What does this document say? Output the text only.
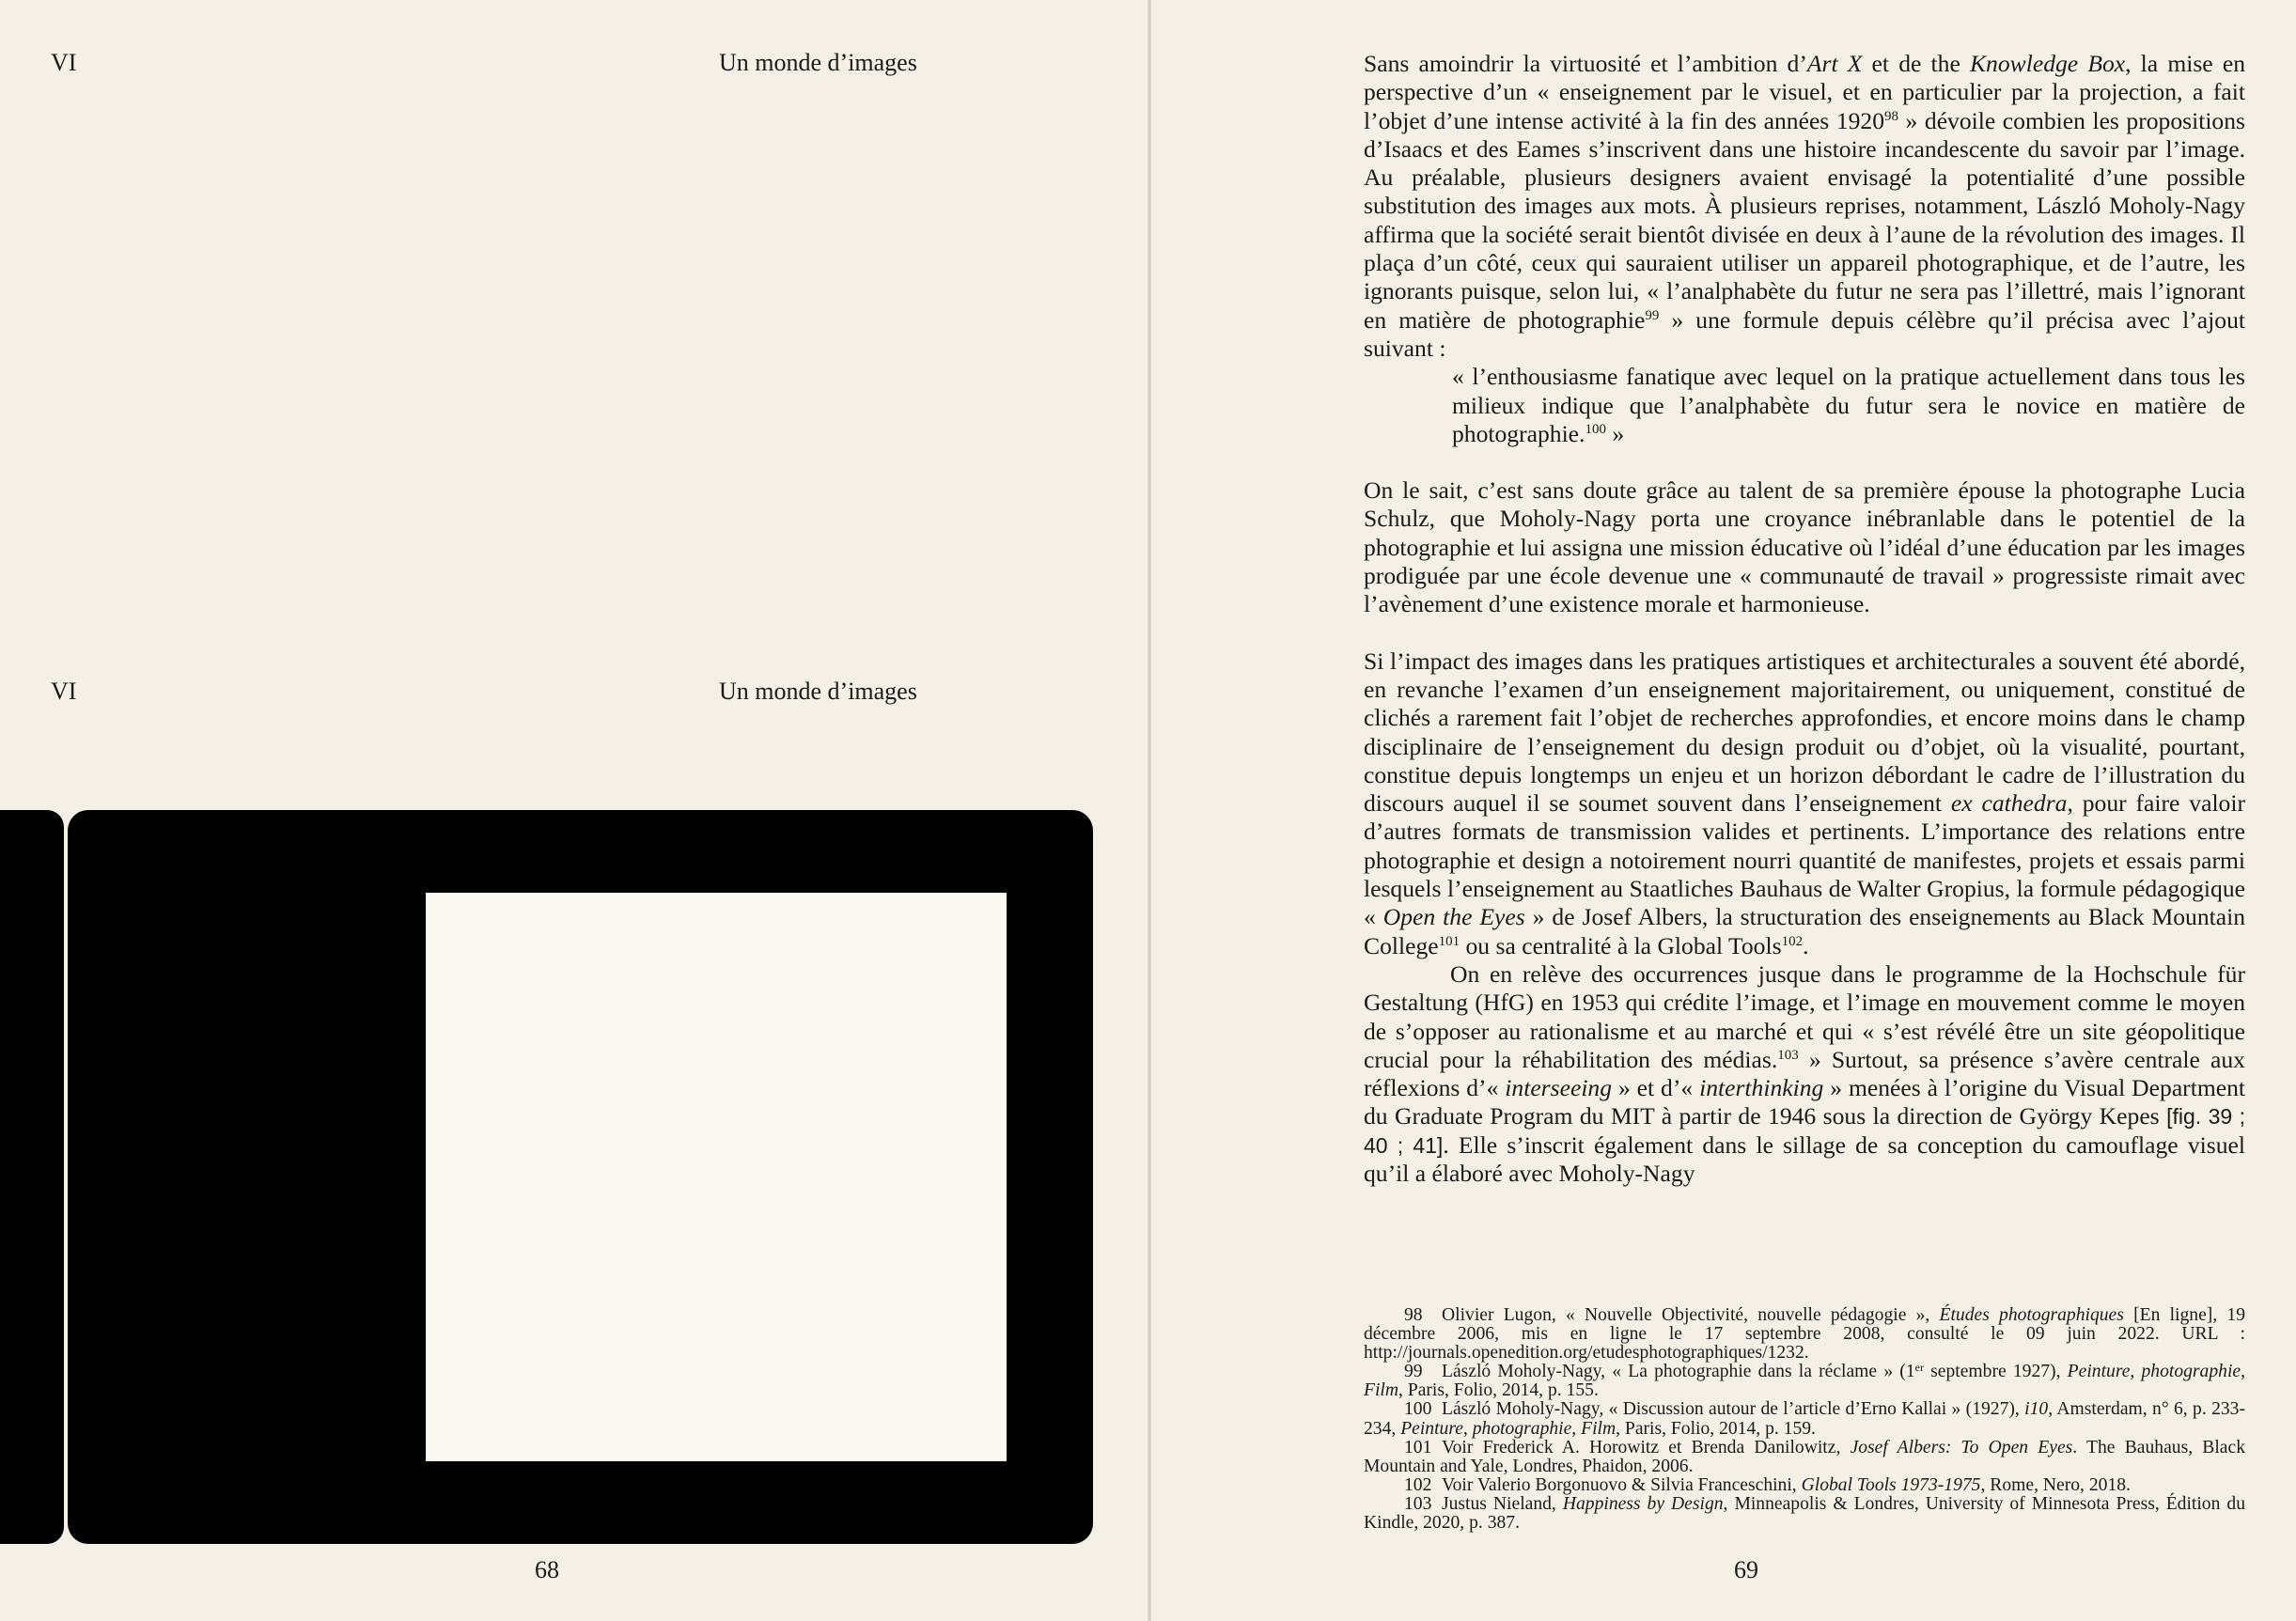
VI	Un monde d’images
VI	Un monde d’images
68	69

Sans amoindrir la virtuosité et l’ambition d’Art X et de the Knowledge Box, la mise en perspective d’un « enseignement par le visuel, et en particulier par la projection, a fait l’objet d’une intense activité à la fin des années 1920$^{98}$ » dévoile combien les propositions d’Isaacs et des Eames s’inscrivent dans une histoire incandescente du savoir par l’image. Au préalable, plusieurs designers avaient envisagé la potentialité d’une possible substitution des images aux mots. À plusieurs reprises, notamment, László Moholy-Nagy affirma que la société serait bientôt divisée en deux à l’aune de la révolution des images. Il plaça d’un côté, ceux qui sauraient utiliser un appareil photographique, et de l’autre, les ignorants puisque, selon lui, « l’analphabète du futur ne sera pas l’illettré, mais l’ignorant en matière de photographie$^{99}$ » une formule depuis célèbre qu’il précisa avec l’ajout suivant :

« l’enthousiasme fanatique avec lequel on la pratique actuellement dans tous les milieux indique que l’analphabète du futur sera le novice en matière de photographie.$^{100}$ »

On le sait, c’est sans doute grâce au talent de sa première épouse la photographe Lucia Schulz, que Moholy-Nagy porta une croyance inébranlable dans le potentiel de la photographie et lui assigna une mission éducative où l’idéal d’une éducation par les images prodiguée par une école devenue une « communauté de travail » progressiste rimait avec l’avènement d’une existence morale et harmonieuse.

Si l’impact des images dans les pratiques artistiques et architecturales a souvent été abordé, en revanche l’examen d’un enseignement majoritairement, ou uniquement, constitué de clichés a rarement fait l’objet de recherches approfondies, et encore moins dans le champ disciplinaire de l’enseignement du design produit ou d’objet, où la visualité, pourtant, constitue depuis longtemps un enjeu et un horizon débordant le cadre de l’illustration du discours auquel il se soumet souvent dans l’enseignement ex cathedra, pour faire valoir d’autres formats de transmission valides et pertinents. L’importance des relations entre photographie et design a notoirement nourri quantité de manifestes, projets et essais parmi lesquels l’enseignement au Staatliches Bauhaus de Walter Gropius, la formule pédagogique « Open the Eyes » de Josef Albers, la structuration des enseignements au Black Mountain College$^{101}$ ou sa centralité à la Global Tools$^{102}$.

On en relève des occurrences jusque dans le programme de la Hochschule für Gestaltung (HfG) en 1953 qui crédite l’image, et l’image en mouvement comme le moyen de s’opposer au rationalisme et au marché et qui « s’est révélé être un site géopolitique crucial pour la réhabilitation des médias.$^{103}$ » Surtout, sa présence s’avère centrale aux réflexions d’« interseeing » et d’« interthinking » menées à l’origine du Visual Department du Graduate Program du MIT à partir de 1946 sous la direction de György Kepes [fig. 39 ; 40 ; 41]. Elle s’inscrit également dans le sillage de sa conception du camouflage visuel qu’il a élaboré avec Moholy-Nagy

98 Olivier Lugon, « Nouvelle Objectivité, nouvelle pédagogie », Études photographiques [En ligne], 19 décembre 2006, mis en ligne le 17 septembre 2008, consulté le 09 juin 2022. URL : http://journals.openedition.org/etudesphotographiques/1232.

99 László Moholy-Nagy, « La photographie dans la réclame » (1er septembre 1927), Peinture, photographie, Film, Paris, Folio, 2014, p. 155.

100 László Moholy-Nagy, « Discussion autour de l’article d’Erno Kallai » (1927), i10, Amsterdam, n° 6, p. 233-234, Peinture, photographie, Film, Paris, Folio, 2014, p. 159.

101 Voir Frederick A. Horowitz et Brenda Danilowitz, Josef Albers: To Open Eyes. The Bauhaus, Black Mountain and Yale, Londres, Phaidon, 2006.

102 Voir Valerio Borgonuovo & Silvia Franceschini, Global Tools 1973-1975, Rome, Nero, 2018.

103 Justus Nieland, Happiness by Design, Minneapolis & Londres, University of Minnesota Press, Édition du Kindle, 2020, p. 387.
